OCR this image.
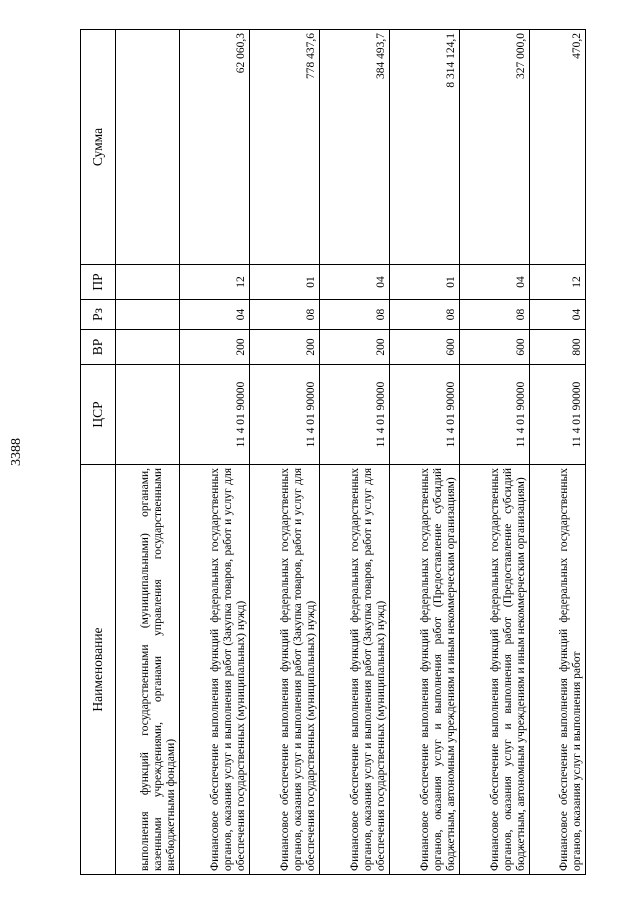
3388
Наименование	ЦСР	ВР	Рз	ПР	Сумма
выполнения функций государственными (муниципальными) органами, казенными учреждениями, органами управления государственными внебюджетными фондами)					
Финансовое обеспечение выполнения функций федеральных государственных органов, оказания услуг и выполнения работ (Закупка товаров, работ и услуг для обеспечения государственных (муниципальных) нужд)	11 4 01 90000	200	04	12	62 060,3
Финансовое обеспечение выполнения функций федеральных государственных органов, оказания услуг и выполнения работ (Закупка товаров, работ и услуг для обеспечения государственных (муниципальных) нужд)	11 4 01 90000	200	08	01	778 437,6
Финансовое обеспечение выполнения функций федеральных государственных органов, оказания услуг и выполнения работ (Закупка товаров, работ и услуг для обеспечения государственных (муниципальных) нужд)	11 4 01 90000	200	08	04	384 493,7
Финансовое обеспечение выполнения функций федеральных государственных органов, оказания услуг и выполнения работ (Предоставление субсидий бюджетным, автономным учреждениям и иным некоммерческим организациям)	11 4 01 90000	600	08	01	8 314 124,1
Финансовое обеспечение выполнения функций федеральных государственных органов, оказания услуг и выполнения работ (Предоставление субсидий бюджетным, автономным учреждениям и иным некоммерческим организациям)	11 4 01 90000	600	08	04	327 000,0
Финансовое обеспечение выполнения функций федеральных государственных органов, оказания услуг и выполнения работ	11 4 01 90000	800	04	12	470,2
